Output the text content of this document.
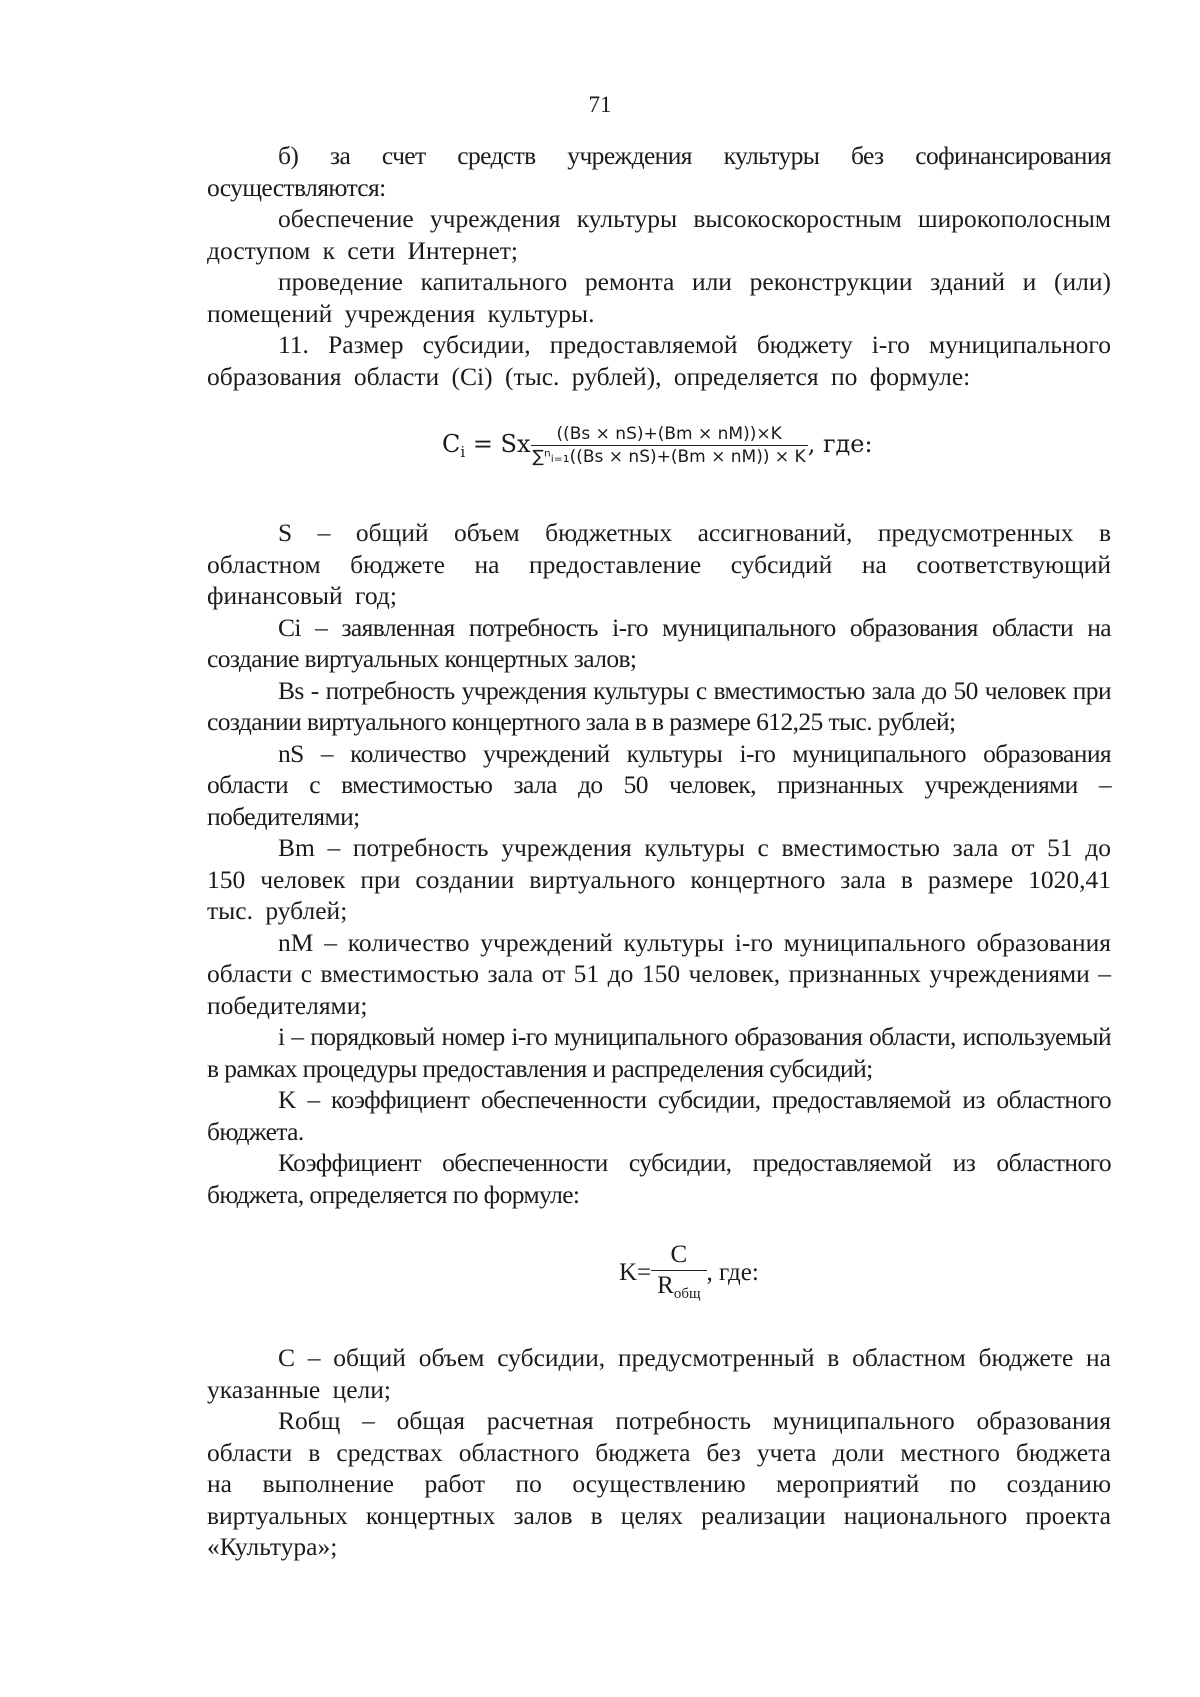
71

б) за счет средств учреждения культуры без софинансирования осуществляются:

обеспечение учреждения культуры высокоскоростным широкополосным доступом к сети Интернет;

проведение капитального ремонта или реконструкции зданий и (или) помещений учреждения культуры.

11. Размер субсидии, предоставляемой бюджету i-го муниципального образования области (Ci) (тыс. рублей), определяется по формуле:

$C_i = Sx \frac{((Bs \times nS)+(Bm \times nM))\times K}{\text{∑ⁿᵢ₌₁((Bs × nS)+(Bm × nM)) × K}}$ , где:

S – общий объем бюджетных ассигнований, предусмотренных в областном бюджете на предоставление субсидий на соответствующий финансовый год;

Ci – заявленная потребность i-го муниципального образования области на создание виртуальных концертных залов;

Bs - потребность учреждения культуры с вместимостью зала до 50 человек при создании виртуального концертного зала в в размере 612,25 тыс. рублей;

nS – количество учреждений культуры i-го муниципального образования области с вместимостью зала до 50 человек, признанных учреждениями – победителями;

Bm – потребность учреждения культуры с вместимостью зала от 51 до 150 человек при создании виртуального концертного зала в размере 1020,41 тыс. рублей;

nM – количество учреждений культуры i-го муниципального образования области с вместимостью зала от 51 до 150 человек, признанных учреждениями – победителями;

i – порядковый номер i-го муниципального образования области, используемый в рамках процедуры предоставления и распределения субсидий;

K – коэффициент обеспеченности субсидии, предоставляемой из областного бюджета.

Коэффициент обеспеченности субсидии, предоставляемой из областного бюджета, определяется по формуле:

$K= \frac{C}{R_{общ}}$ , где:

C – общий объем субсидии, предусмотренный в областном бюджете на указанные цели;

Rобщ – общая расчетная потребность муниципального образования области в средствах областного бюджета без учета доли местного бюджета на выполнение работ по осуществлению мероприятий по созданию виртуальных концертных залов в целях реализации национального проекта «Культура»;
